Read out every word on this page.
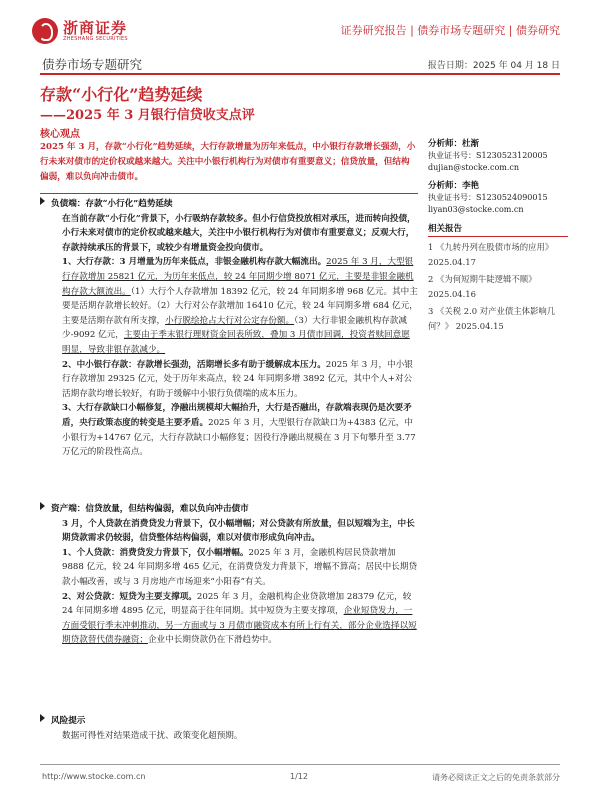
浙商证券
ZHESHANG SECURITIES
证券研究报告 | 债券市场专题研究 | 债券研究
债券市场专题研究	报告日期：2025 年 04 月 18 日
存款“小行化”趋势延续
——2025 年 3 月银行信贷收支点评
核心观点
2025 年 3 月，存款“小行化”趋势延续，大行存款增量为历年来低点，中小银行存款增长强劲，小行未来对债市的定价权或越来越大。关注中小银行机构行为对债市有重要意义；信贷放量，但结构偏弱，难以负向冲击债市。

负债端：存款“小行化”趋势延续

在当前存款“小行化”背景下，小行吸纳存款较多。但小行信贷投放相对承压，进而转向投债，小行未来对债市的定价权或越来越大，关注中小银行机构行为对债市有重要意义；反观大行，存款持续承压的背景下，或较少有增量资金投向债市。

1、大行存款：3 月增量为历年来低点，非银金融机构存款大幅流出。2025 年 3 月，大型银行存款增加 25821 亿元，为历年来低点，较 24 年同期少增 8071 亿元，主要是非银金融机构存款大额流出。（1）大行个人存款增加 18392 亿元，较 24 年同期多增 968 亿元。其中主要是活期存款增长较好。（2）大行对公存款增加 16410 亿元，较 24 年同期多增 684 亿元，主要是活期存款有所支撑，小行脱绘抢占大行对公定存份额。（3）大行非银金融机构存款减少-9092 亿元，主要由于季末银行理财资金回表所致，叠加 3 月债市回调，投资者赎回意愿明显，导致非银存款减少。

2、中小银行存款：存款增长强劲，活期增长多有助于缓解成本压力。2025 年 3 月，中小银行存款增加 29325 亿元，处于历年来高点，较 24 年同期多增 3892 亿元，其中个人+对公活期存款均增长较好，有助于缓解中小银行负债端的成本压力。

3、大行存款缺口小幅修复，净融出规模却大幅抬升，大行是否融出，存款端表现仍是次要矛盾，央行政策态度的转变是主要矛盾。2025 年 3 月，大型银行存款缺口为+4383 亿元，中小银行为+14767 亿元，大行存款缺口小幅修复；因役行净融出规模在 3 月下旬攀升至 3.77 万亿元的阶段性高点。

资产端：信贷放量，但结构偏弱，难以负向冲击债市

3 月，个人贷款在消费贷发力背景下，仅小幅增幅；对公贷款有所放量，但以短端为主，中长期贷款需求仍较弱，信贷整体结构偏弱，难以对债市形成负向冲击。

1、个人贷款：消费贷发力背景下，仅小幅增幅。2025 年 3 月，金融机构居民贷款增加 9888 亿元，较 24 年同期多增 465 亿元，在消费贷发力背景下，增幅不算高；居民中长期贷款小幅改善，或与 3 月房地产市场迎来“小阳春”有关。

2、对公贷款：短贷为主要支撑项。2025 年 3 月，金融机构企业贷款增加 28379 亿元，较 24 年同期多增 4895 亿元，明显高于往年同期。其中短贷为主要支撑项，企业短贷发力，一方面受银行季末冲刺推动，另一方面或与 3 月债市融资成本有所上行有关，部分企业选择以短期贷款替代债券融资；企业中长期贷款仍在下滑趋势中。

风险提示

数据可得性对结果造成干扰、政策变化超预期。

分析师：杜渐
执业证书号：S1230523120005
dujian@stocke.com.cn
分析师：李艳
执业证书号：S1230524090015
liyan03@stocke.com.cn
相关报告
1 《九转丹列在股债市场的应用》 2025.04.17
2 《为何短期牛陡逻辑不顺》 2025.04.16
3 《关税 2.0 对产业债主体影响几何？》 2025.04.15
http://www.stocke.com.cn	1/12	请务必阅读正文之后的免责条款部分
